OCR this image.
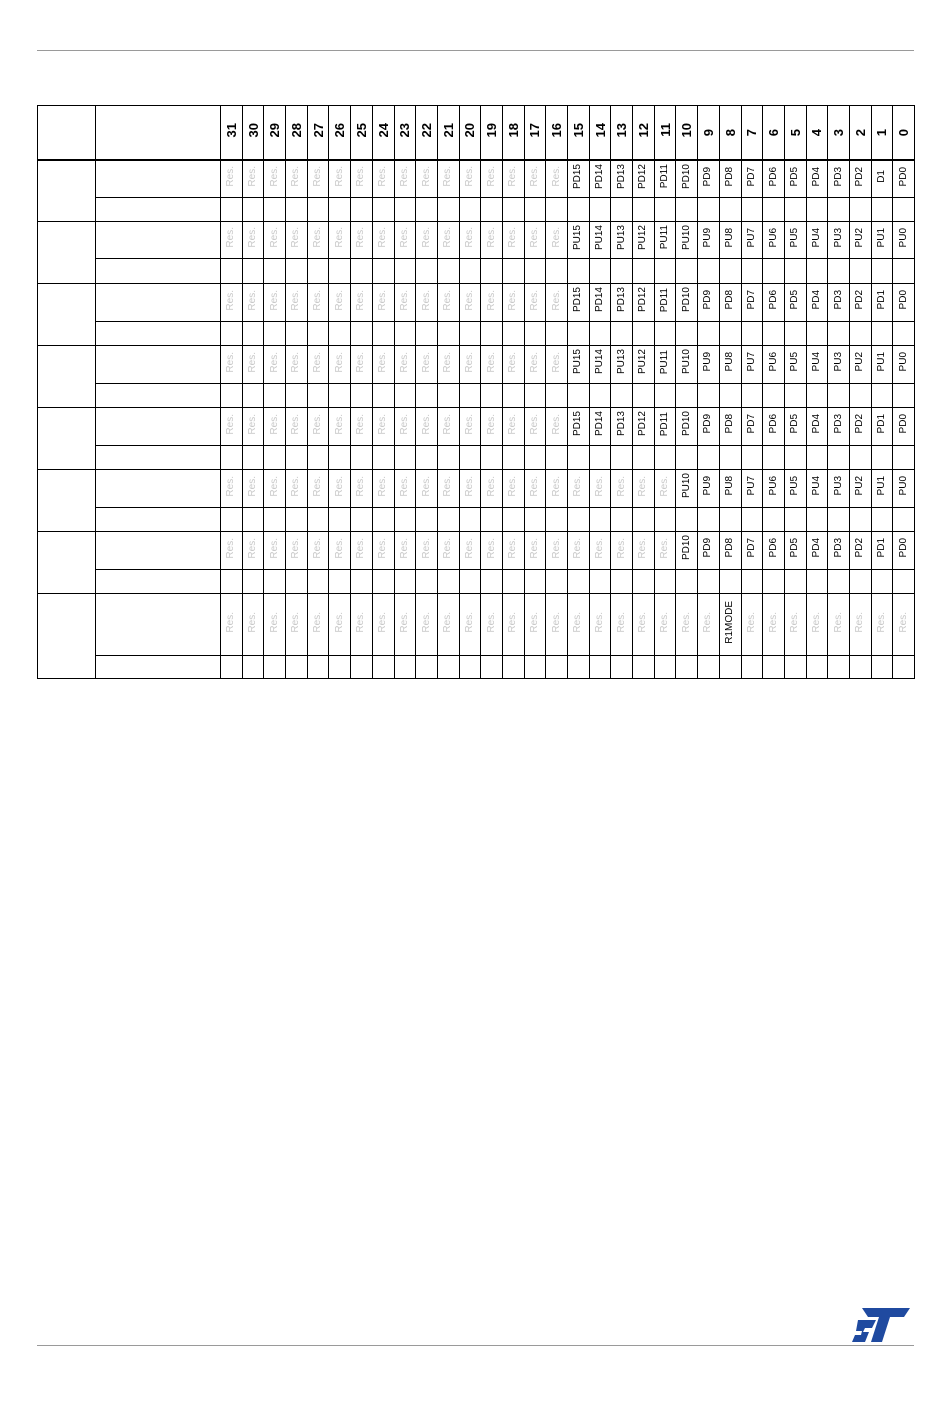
		31	30	29	28	27	26	25	24	23	22	21	20	19	18	17	16	15	14	13	12	11	10	9	8	7	6	5	4	3	2	1	0
		Res.	Res.	Res.	Res.	Res.	Res.	Res.	Res.	Res.	Res.	Res.	Res.	Res.	Res.	Res.	Res.	PD15	PD14	PD13	PD12	PD11	PD10	PD9	PD8	PD7	PD6	PD5	PD4	PD3	PD2	D1	PD0

		Res.	Res.	Res.	Res.	Res.	Res.	Res.	Res.	Res.	Res.	Res.	Res.	Res.	Res.	Res.	Res.	PU15	PU14	PU13	PU12	PU11	PU10	PU9	PU8	PU7	PU6	PU5	PU4	PU3	PU2	PU1	PU0

		Res.	Res.	Res.	Res.	Res.	Res.	Res.	Res.	Res.	Res.	Res.	Res.	Res.	Res.	Res.	Res.	PD15	PD14	PD13	PD12	PD11	PD10	PD9	PD8	PD7	PD6	PD5	PD4	PD3	PD2	PD1	PD0

		Res.	Res.	Res.	Res.	Res.	Res.	Res.	Res.	Res.	Res.	Res.	Res.	Res.	Res.	Res.	Res.	PU15	PU14	PU13	PU12	PU11	PU10	PU9	PU8	PU7	PU6	PU5	PU4	PU3	PU2	PU1	PU0

		Res.	Res.	Res.	Res.	Res.	Res.	Res.	Res.	Res.	Res.	Res.	Res.	Res.	Res.	Res.	Res.	PD15	PD14	PD13	PD12	PD11	PD10	PD9	PD8	PD7	PD6	PD5	PD4	PD3	PD2	PD1	PD0

		Res.	Res.	Res.	Res.	Res.	Res.	Res.	Res.	Res.	Res.	Res.	Res.	Res.	Res.	Res.	Res.	Res.	Res.	Res.	Res.	Res.	PU10	PU9	PU8	PU7	PU6	PU5	PU4	PU3	PU2	PU1	PU0

		Res.	Res.	Res.	Res.	Res.	Res.	Res.	Res.	Res.	Res.	Res.	Res.	Res.	Res.	Res.	Res.	Res.	Res.	Res.	Res.	Res.	PD10	PD9	PD8	PD7	PD6	PD5	PD4	PD3	PD2	PD1	PD0

		Res.	Res.	Res.	Res.	Res.	Res.	Res.	Res.	Res.	Res.	Res.	Res.	Res.	Res.	Res.	Res.	Res.	Res.	Res.	Res.	Res.	Res.	Res.	R1MODE	Res.	Res.	Res.	Res.	Res.	Res.	Res.	Res.
